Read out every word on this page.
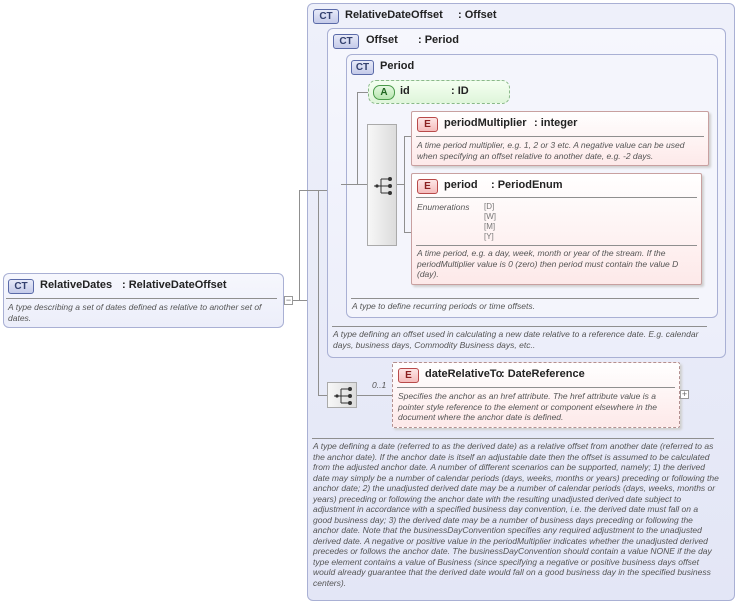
CT	RelativeDates : RelativeDateOffset
A type describing a set of dates defined as relative to another set of dates.
−
CT	RelativeDateOffset : Offset
A type defining a date (referred to as the derived date) as a relative offset from another date (referred to as the anchor date). If the anchor date is itself an adjustable date then the offset is assumed to be calculated from the adjusted anchor date. A number of different scenarios can be supported, namely; 1) the derived date may simply be a number of calendar periods (days, weeks, months or years) preceding or following the anchor date; 2) the unadjusted derived date may be a number of calendar periods (days, weeks, months or years) preceding or following the anchor date with the resulting unadjusted derived date subject to adjustment in accordance with a specified business day convention, i.e. the derived date must fall on a good business day; 3) the derived date may be a number of business days preceding or following the anchor date. Note that the businessDayConvention specifies any required adjustment to the unadjusted derived date. A negative or positive value in the periodMultiplier indicates whether the unadjusted derived precedes or follows the anchor date. The businessDayConvention should contain a value NONE if the day type element contains a value of Business (since specifying a negative or positive business days offset would already guarantee that the derived date would fall on a good business day in the specified business centers).
CT	Offset : Period
A type defining an offset used in calculating a new date relative to a reference date. E.g. calendar days, business days, Commodity Business days, etc..
CT Period
A type to define recurring periods or time offsets.
A	id	: ID
E	periodMultiplier : integer
A time period multiplier, e.g. 1, 2 or 3 etc. A negative value can be used when specifying an offset relative to another date, e.g. -2 days.
E	period : PeriodEnum
Enumerations [D]
[W]
[M]
[Y]
A time period, e.g. a day, week, month or year of the stream. If the periodMultiplier value is 0 (zero) then period must contain the value D (day).
0..1
E	dateRelativeTo
: DateReference
Specifies the anchor as an href attribute. The href attribute value is a pointer style reference to the element or component elsewhere in the document where the anchor date is defined.
+
